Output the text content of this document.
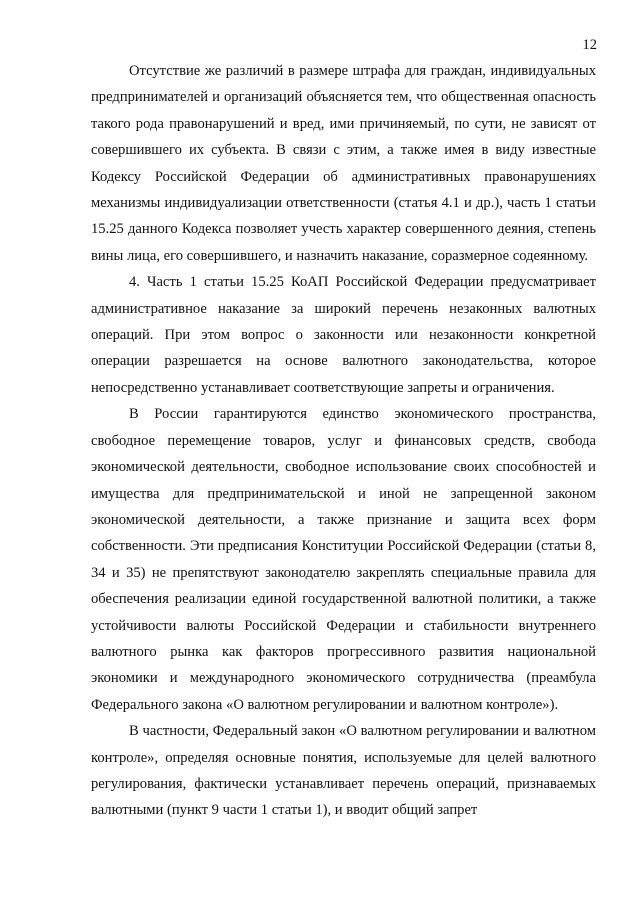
12

Отсутствие же различий в размере штрафа для граждан, индивидуальных предпринимателей и организаций объясняется тем, что общественная опасность такого рода правонарушений и вред, ими причиняемый, по сути, не зависят от совершившего их субъекта. В связи с этим, а также имея в виду известные Кодексу Российской Федерации об административных правонарушениях механизмы индивидуализации ответственности (статья 4.1 и др.), часть 1 статьи 15.25 данного Кодекса позволяет учесть характер совершенного деяния, степень вины лица, его совершившего, и назначить наказание, соразмерное содеянному.

4. Часть 1 статьи 15.25 КоАП Российской Федерации предусматривает административное наказание за широкий перечень незаконных валютных операций. При этом вопрос о законности или незаконности конкретной операции разрешается на основе валютного законодательства, которое непосредственно устанавливает соответствующие запреты и ограничения.

В России гарантируются единство экономического пространства, свободное перемещение товаров, услуг и финансовых средств, свобода экономической деятельности, свободное использование своих способностей и имущества для предпринимательской и иной не запрещенной законом экономической деятельности, а также признание и защита всех форм собственности. Эти предписания Конституции Российской Федерации (статьи 8, 34 и 35) не препятствуют законодателю закреплять специальные правила для обеспечения реализации единой государственной валютной политики, а также устойчивости валюты Российской Федерации и стабильности внутреннего валютного рынка как факторов прогрессивного развития национальной экономики и международного экономического сотрудничества (преамбула Федерального закона «О валютном регулировании и валютном контроле»).

В частности, Федеральный закон «О валютном регулировании и валютном контроле», определяя основные понятия, используемые для целей валютного регулирования, фактически устанавливает перечень операций, признаваемых валютными (пункт 9 части 1 статьи 1), и вводит общий запрет
